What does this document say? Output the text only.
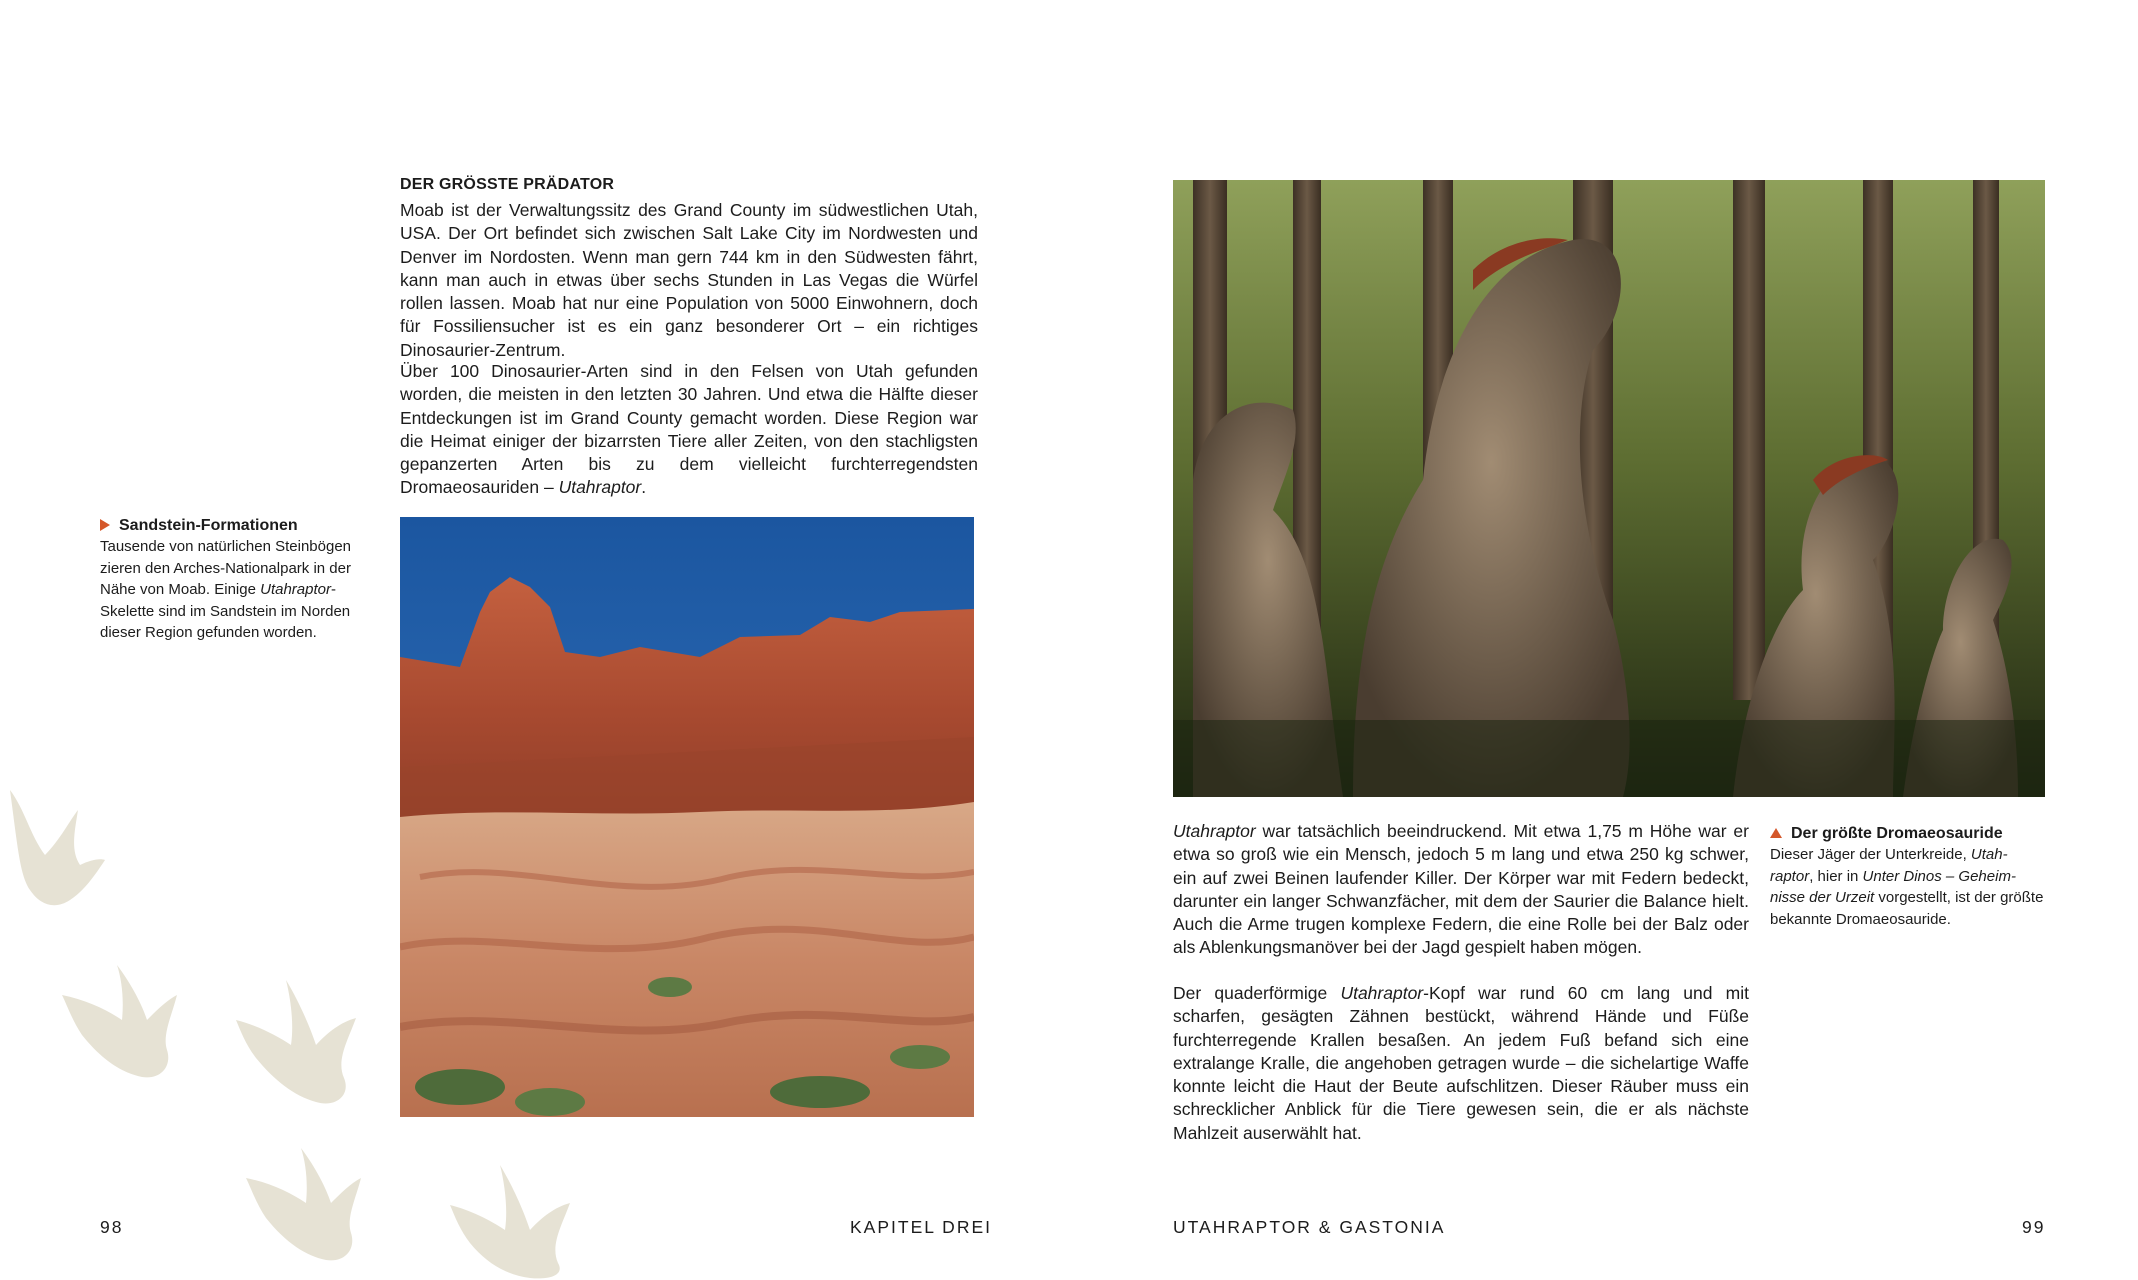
DER GRÖSSTE PRÄDATOR
Moab ist der Verwaltungssitz des Grand County im südwestlichen Utah, USA. Der Ort befindet sich zwischen Salt Lake City im Nordwesten und Denver im Nordosten. Wenn man gern 744 km in den Südwesten fährt, kann man auch in etwas über sechs Stunden in Las Vegas die Würfel rollen lassen. Moab hat nur eine Population von 5000 Einwohnern, doch für Fossiliensucher ist es ein ganz besonderer Ort – ein richtiges Dinosaurier-Zentrum.
Über 100 Dinosaurier-Arten sind in den Felsen von Utah gefunden worden, die meisten in den letzten 30 Jahren. Und etwa die Hälfte dieser Entdeckungen ist im Grand County gemacht worden. Diese Region war die Heimat einiger der bizarrsten Tiere aller Zeiten, von den stachligsten gepanzerten Arten bis zu dem vielleicht furchterregendsten Dromaeosauriden – Utahraptor.
Sandstein-Formationen
Tausende von natürlichen Steinbögen zieren den Arches-Nationalpark in der Nähe von Moab. Einige Utahraptor-Skelette sind im Sandstein im Norden dieser Region gefunden worden.
98	KAPITEL DREI
Utahraptor war tatsächlich beeindruckend. Mit etwa 1,75 m Höhe war er etwa so groß wie ein Mensch, jedoch 5 m lang und etwa 250 kg schwer, ein auf zwei Beinen laufender Killer. Der Körper war mit Federn bedeckt, darunter ein langer Schwanzfächer, mit dem der Saurier die Balance hielt. Auch die Arme trugen komplexe Federn, die eine Rolle bei der Balz oder als Ablenkungsmanöver bei der Jagd gespielt haben mögen.
Der quaderförmige Utahraptor-Kopf war rund 60 cm lang und mit scharfen, gesägten Zähnen bestückt, während Hände und Füße furchterregende Krallen besaßen. An jedem Fuß befand sich eine extralange Kralle, die angehoben getragen wurde – die sichelartige Waffe konnte leicht die Haut der Beute aufschlitzen. Dieser Räuber muss ein schrecklicher Anblick für die Tiere gewesen sein, die er als nächste Mahlzeit auserwählt hat.
Der größte Dromaeosauride
Dieser Jäger der Unterkreide, Utahraptor, hier in Unter Dinos – Geheimnisse der Urzeit vorgestellt, ist der größte bekannte Dromaeosauride.
UTAHRAPTOR & GASTONIA	99
